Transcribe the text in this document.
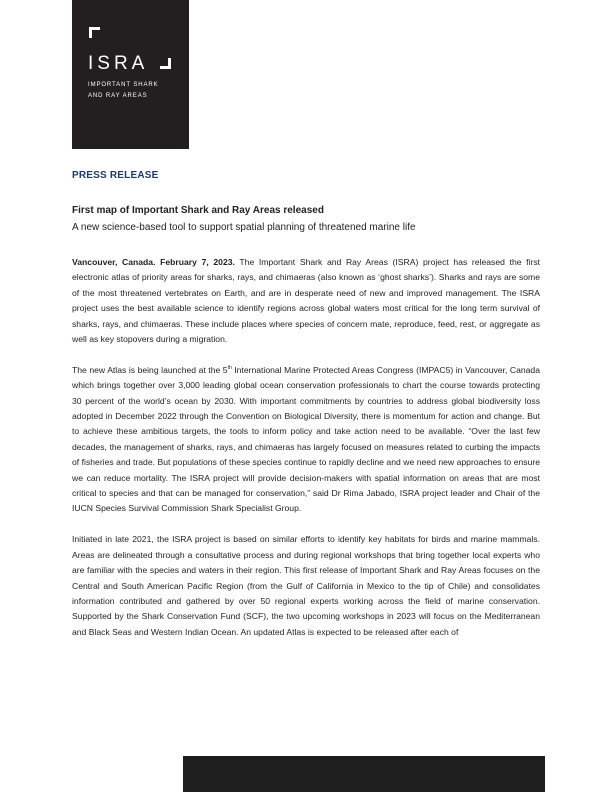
ISRA
IMPORTANT SHARK
AND RAY AREAS
PRESS RELEASE
First map of Important Shark and Ray Areas released
A new science-based tool to support spatial planning of threatened marine life

Vancouver, Canada. February 7, 2023. The Important Shark and Ray Areas (ISRA) project has released the first electronic atlas of priority areas for sharks, rays, and chimaeras (also known as ‘ghost sharks’). Sharks and rays are some of the most threatened vertebrates on Earth, and are in desperate need of new and improved management. The ISRA project uses the best available science to identify regions across global waters most critical for the long term survival of sharks, rays, and chimaeras. These include places where species of concern mate, reproduce, feed, rest, or aggregate as well as key stopovers during a migration.

The new Atlas is being launched at the 5th International Marine Protected Areas Congress (IMPAC5) in Vancouver, Canada which brings together over 3,000 leading global ocean conservation professionals to chart the course towards protecting 30 percent of the world’s ocean by 2030. With important commitments by countries to address global biodiversity loss adopted in December 2022 through the Convention on Biological Diversity, there is momentum for action and change. But to achieve these ambitious targets, the tools to inform policy and take action need to be available. “Over the last few decades, the management of sharks, rays, and chimaeras has largely focused on measures related to curbing the impacts of fisheries and trade. But populations of these species continue to rapidly decline and we need new approaches to ensure we can reduce mortality. The ISRA project will provide decision-makers with spatial information on areas that are most critical to species and that can be managed for conservation,” said Dr Rima Jabado, ISRA project leader and Chair of the IUCN Species Survival Commission Shark Specialist Group.

Initiated in late 2021, the ISRA project is based on similar efforts to identify key habitats for birds and marine mammals. Areas are delineated through a consultative process and during regional workshops that bring together local experts who are familiar with the species and waters in their region. This first release of Important Shark and Ray Areas focuses on the Central and South American Pacific Region (from the Gulf of California in Mexico to the tip of Chile) and consolidates information contributed and gathered by over 50 regional experts working across the field of marine conservation. Supported by the Shark Conservation Fund (SCF), the two upcoming workshops in 2023 will focus on the Mediterranean and Black Seas and Western Indian Ocean. An updated Atlas is expected to be released after each of
